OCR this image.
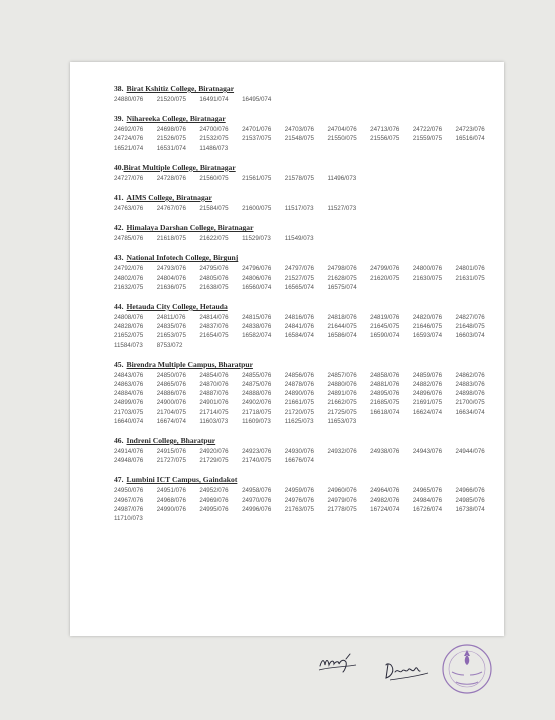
38. Birat Kshitiz College, Biratnagar
24880/076	21520/075	16491/074	16495/074
39. Nihareeka College, Biratnagar
24692/076	24698/076	24700/076	24701/076	24703/076	24704/076	24713/076	24722/076	24723/076
24724/076	21526/075	21532/075	21537/075	21548/075	21550/075	21556/075	21559/075	16516/074
16521/074	16531/074	11486/073
40.Birat Multiple College, Biratnagar
24727/076	24728/076	21560/075	21561/075	21578/075	11496/073
41. AIMS College, Biratnagar
24763/076	24767/076	21584/075	21600/075	11517/073	11527/073
42. Himalaya Darshan College, Biratnagar
24785/076	21618/075	21622/075	11529/073	11549/073
43. National Infotech College, Birgunj
24792/076	24793/076	24795/076	24796/076	24797/076	24798/076	24799/076	24800/076	24801/076
24802/076	24804/076	24805/076	24806/076	21527/075	21628/075	21620/075	21630/075	21631/075
21632/075	21636/075	21638/075	16560/074	16565/074	16575/074
44. Hetauda City College, Hetauda
24808/076	24811/076	24814/076	24815/076	24816/076	24818/076	24819/076	24820/076	24827/076
24828/076	24835/076	24837/076	24838/076	24841/076	21644/075	21645/075	21646/075	21648/075
21652/075	21653/075	21654/075	16582/074	16584/074	16586/074	16590/074	16593/074	16603/074
11584/073	8753/072
45. Birendra Multiple Campus, Bharatpur
24843/076	24850/076	24854/076	24855/076	24856/076	24857/076	24858/076	24859/076	24862/076
24863/076	24865/076	24870/076	24875/076	24878/076	24880/076	24881/076	24882/076	24883/076
24884/076	24886/076	24887/076	24888/076	24890/076	24891/076	24895/076	24896/076	24898/076
24899/076	24900/076	24901/076	24902/076	21661/075	21662/075	21685/075	21691/075	21700/075
21703/075	21704/075	21714/075	21718/075	21720/075	21725/075	16618/074	16624/074	16634/074
16640/074	16674/074	11603/073	11609/073	11625/073	11653/073
46. Indreni College, Bharatpur
24914/076	24915/076	24920/076	24923/076	24930/076	24932/076	24938/076	24943/076	24944/076
24948/076	21727/075	21729/075	21740/075	16676/074
47. Lumbini ICT Campus, Gaindakot
24950/076	24951/076	24952/076	24958/076	24959/076	24960/076	24964/076	24965/076	24966/076
24967/076	24968/076	24969/076	24970/076	24976/076	24979/076	24982/076	24984/076	24985/076
24987/076	24990/076	24995/076	24996/076	21763/075	21778/075	16724/074	16726/074	16738/074
11710/073
